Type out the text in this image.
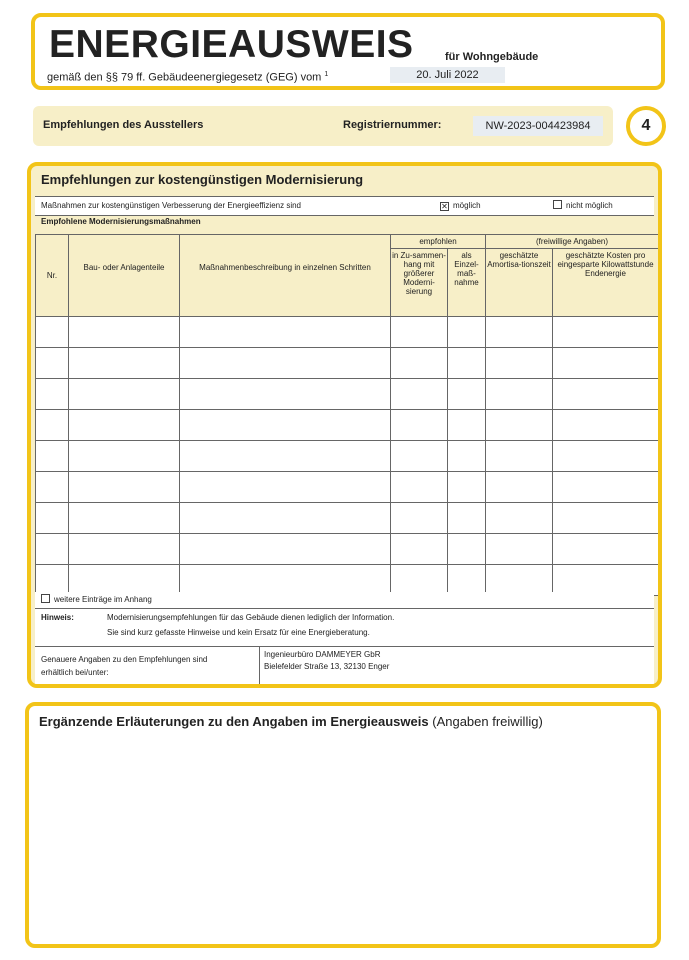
ENERGIEAUSWEIS	für Wohngebäude
gemäß den §§ 79 ff. Gebäudeenergiegesetz (GEG) vom $^1$	20. Juli 2022
Empfehlungen des Ausstellers	Registriernummer:	NW-2023-004423984	4
Empfehlungen zur kostengünstigen Modernisierung
Maßnahmen zur kostengünstigen Verbesserung der Energieeffizienz sind	✕ möglich	nicht möglich
Empfohlene Modernisierungsmaßnahmen
Nr.	Bau- oder Anlagenteile	Maßnahmenbeschreibung in einzelnen Schritten	empfohlen		(freiwillige Angaben)	
			in Zu-sammen-hang mit größerer Moderni-sierung	als Einzel-maß-nahme	geschätzte Amortisa-tionszeit	geschätzte Kosten pro eingesparte Kilowattstunde Endenergie

weitere Einträge im Anhang
Hinweis:	Modernisierungsempfehlungen für das Gebäude dienen lediglich der Information.
Sie sind kurz gefasste Hinweise und kein Ersatz für eine Energieberatung.
Genauere Angaben zu den Empfehlungen sind erhältlich bei/unter:
Ingenieurbüro DAMMEYER GbR
Bielefelder Straße 13, 32130 Enger
Ergänzende Erläuterungen zu den Angaben im Energieausweis (Angaben freiwillig)
